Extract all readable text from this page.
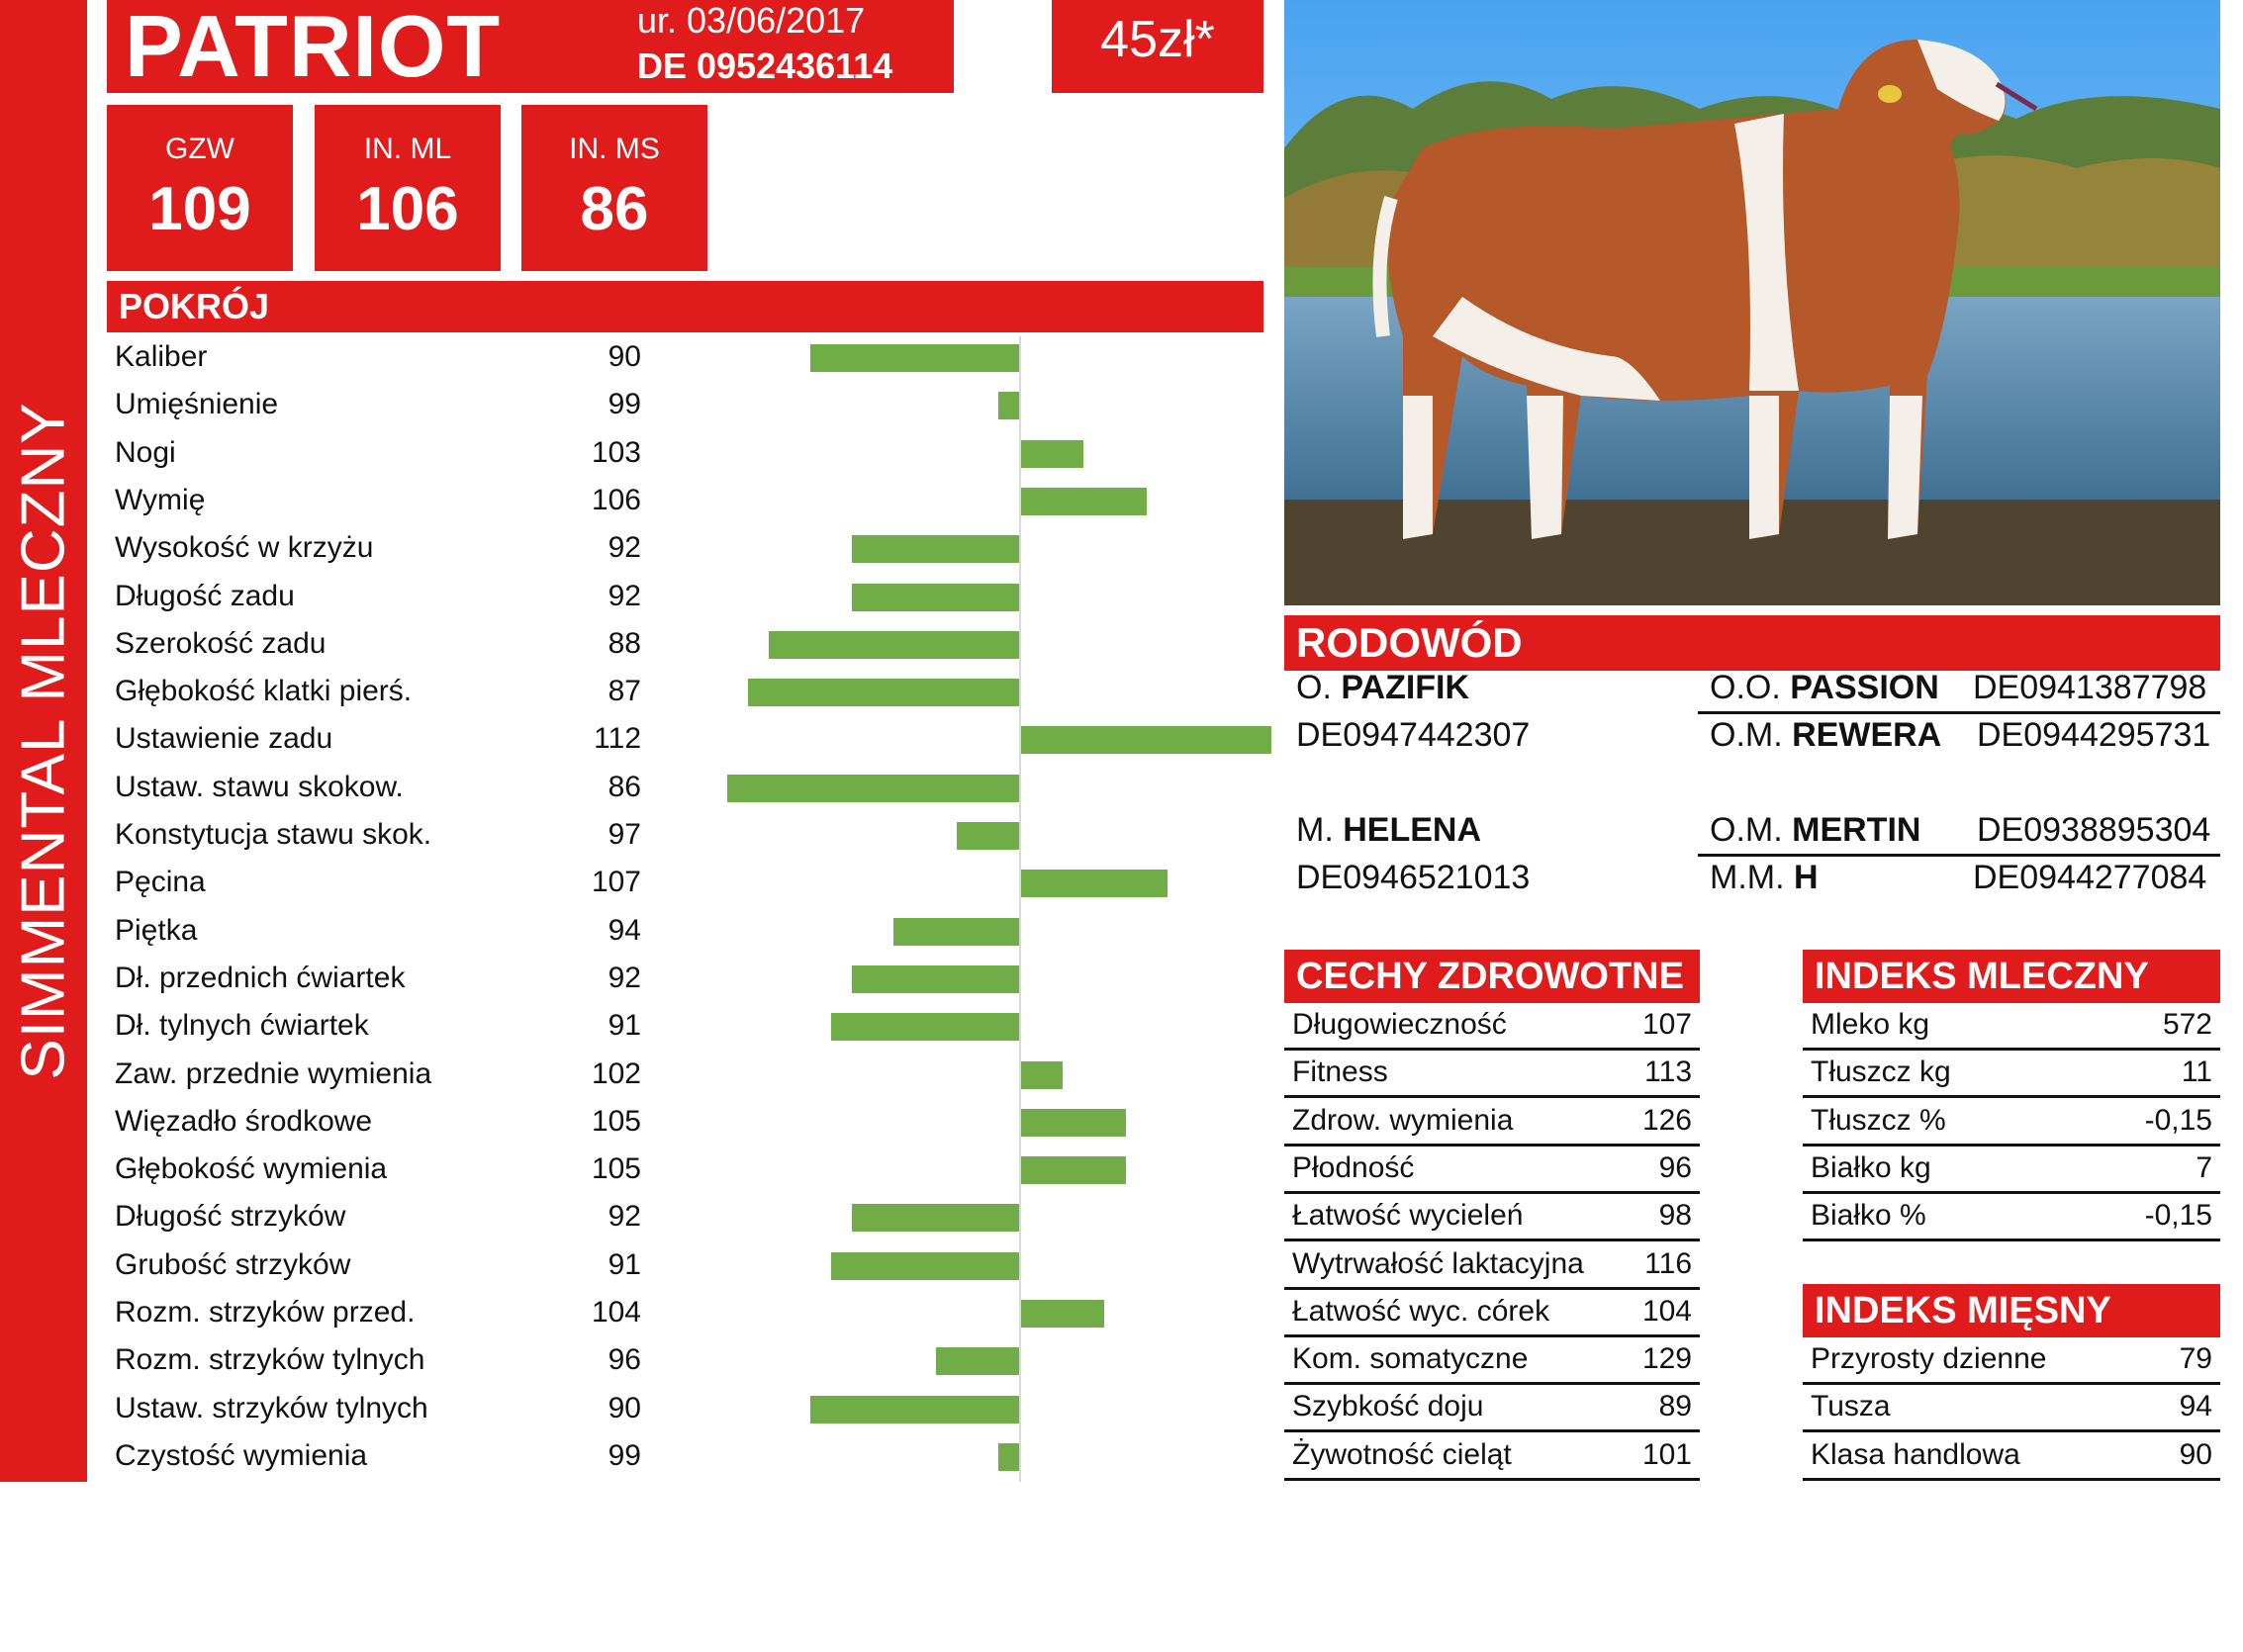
SIMMENTAL MLECZNY
PATRIOT	ur. 03/06/2017
DE 0952436114	45zł*
GZW
109
IN. ML
106
IN. MS
86
POKRÓJ
Kaliber	90
Umięśnienie	99
Nogi	103
Wymię	106
Wysokość w krzyżu	92
Długość zadu	92
Szerokość zadu	88
Głębokość klatki pierś.	87
Ustawienie zadu	112
Ustaw. stawu skokow.	86
Konstytucja stawu skok.	97
Pęcina	107
Piętka	94
Dł. przednich ćwiartek	92
Dł. tylnych ćwiartek	91
Zaw. przednie wymienia	102
Więzadło środkowe	105
Głębokość wymienia	105
Długość strzyków	92
Grubość strzyków	91
Rozm. strzyków przed.	104
Rozm. strzyków tylnych	96
Ustaw. strzyków tylnych	90
Czystość wymienia	99
RODOWÓD
O. PAZIFIK
DE0947442307
O.O. PASSION DE0941387798
O.M. REWERA DE0944295731
M. HELENA
DE0946521013
O.M. MERTIN DE0938895304
M.M. H	DE0944277084
CECHY ZDROWOTNE
Długowieczność	107
Fitness	113
Zdrow. wymienia	126
Płodność	96
Łatwość wycieleń	98
Wytrwałość laktacyjna 116
Łatwość wyc. córek	104
Kom. somatyczne	129
Szybkość doju	89
Żywotność cieląt	101
INDEKS MLECZNY
Mleko kg	572
Tłuszcz kg	11
Tłuszcz %	-0,15
Białko kg	7
Białko %	-0,15
INDEKS MIĘSNY
Przyrosty dzienne	79
Tusza	94
Klasa handlowa	90
